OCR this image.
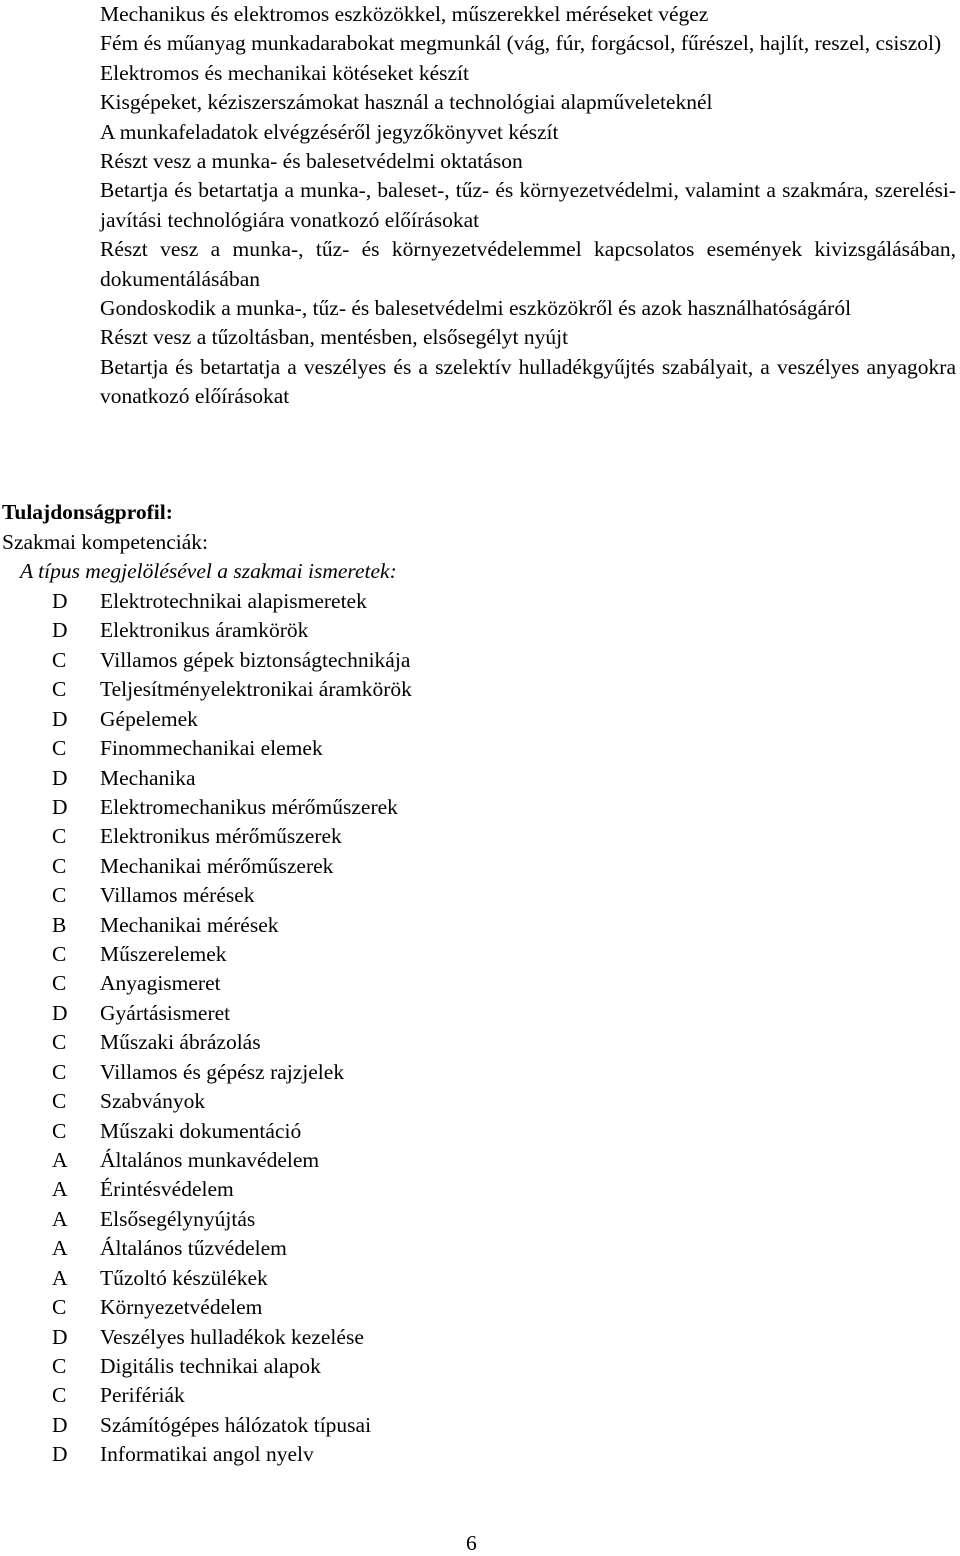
Mechanikus és elektromos eszközökkel, műszerekkel méréseket végez
Fém és műanyag munkadarabokat megmunkál (vág, fúr, forgácsol, fűrészel, hajlít, reszel, csiszol)
Elektromos és mechanikai kötéseket készít
Kisgépeket, kéziszerszámokat használ a technológiai alapműveleteknél
A munkafeladatok elvégzéséről jegyzőkönyvet készít
Részt vesz a munka- és balesetvédelmi oktatáson
Betartja és betartatja a munka-, baleset-, tűz- és környezetvédelmi, valamint a szakmára, szerelési-javítási technológiára vonatkozó előírásokat
Részt vesz a munka-, tűz- és környezetvédelemmel kapcsolatos események kivizsgálásában, dokumentálásában
Gondoskodik a munka-, tűz- és balesetvédelmi eszközökről és azok használhatóságáról
Részt vesz a tűzoltásban, mentésben, elsősegélyt nyújt
Betartja és betartatja a veszélyes és a szelektív hulladékgyűjtés szabályait, a veszélyes anyagokra vonatkozó előírásokat
Tulajdonságprofil:
Szakmai kompetenciák:
A típus megjelölésével a szakmai ismeretek:
D Elektrotechnikai alapismeretek
D Elektronikus áramkörök
C Villamos gépek biztonságtechnikája
C Teljesítményelektronikai áramkörök
D Gépelemek
C Finommechanikai elemek
D Mechanika
D Elektromechanikus mérőműszerek
C Elektronikus mérőműszerek
C Mechanikai mérőműszerek
C Villamos mérések
B Mechanikai mérések
C Műszerelemek
C Anyagismeret
D Gyártásismeret
C Műszaki ábrázolás
C Villamos és gépész rajzjelek
C Szabványok
C Műszaki dokumentáció
A Általános munkavédelem
A Érintésvédelem
A Elsősegélynyújtás
A Általános tűzvédelem
A Tűzoltó készülékek
C Környezetvédelem
D Veszélyes hulladékok kezelése
C Digitális technikai alapok
C Perifériák
D Számítógépes hálózatok típusai
D Informatikai angol nyelv
6
